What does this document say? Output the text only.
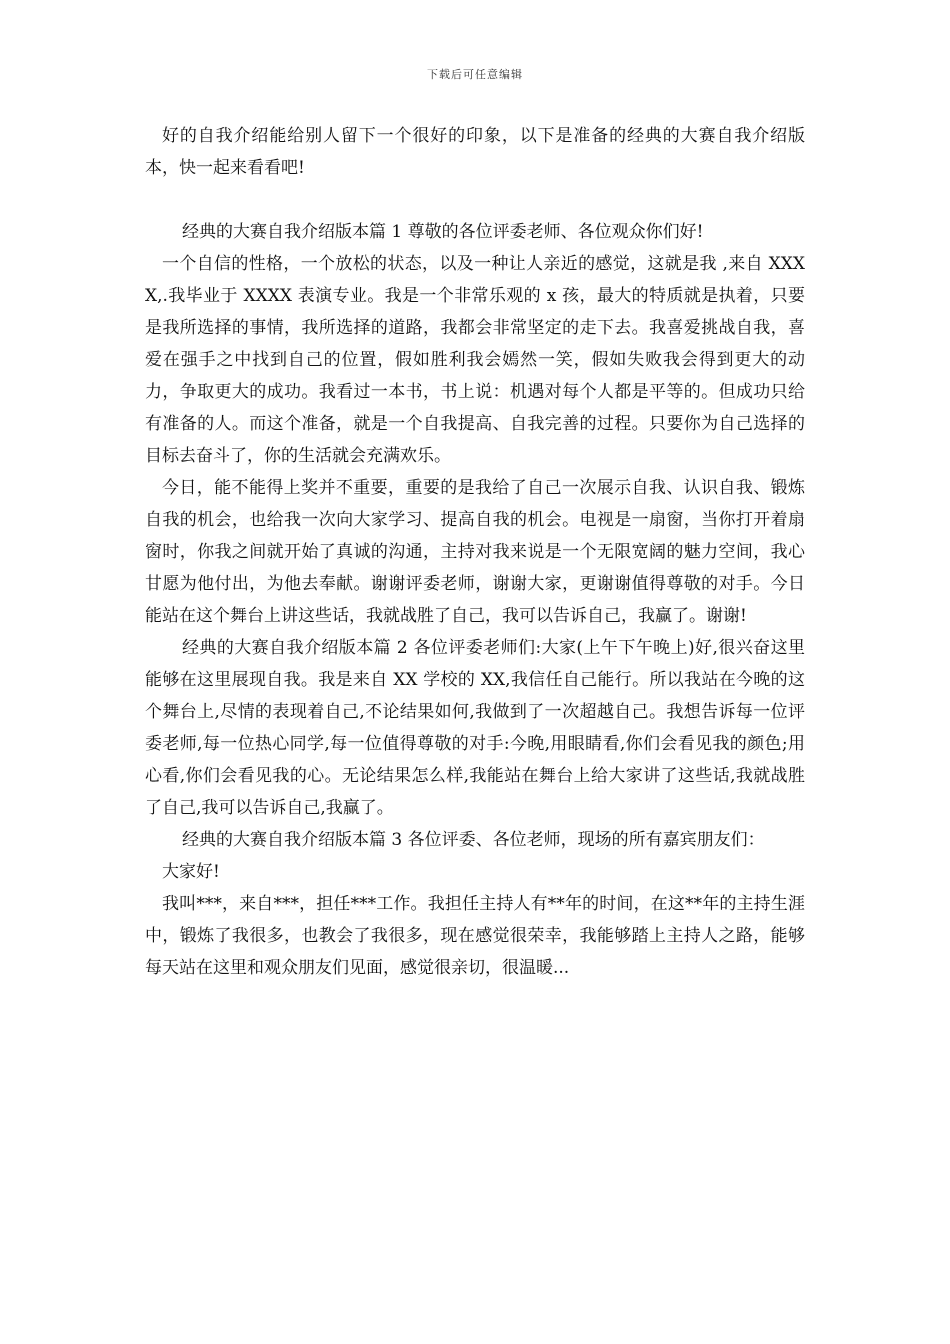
下载后可任意编辑

好的自我介绍能给别人留下一个很好的印象，以下是准备的经典的大赛自我介绍版本，快一起来看看吧!

经典的大赛自我介绍版本篇 1 尊敬的各位评委老师、各位观众你们好!

一个自信的性格，一个放松的状态，以及一种让人亲近的感觉，这就是我 ,来自 XXXX,.我毕业于 XXXX 表演专业。我是一个非常乐观的 x 孩，最大的特质就是执着，只要是我所选择的事情，我所选择的道路，我都会非常坚定的走下去。我喜爱挑战自我，喜爱在强手之中找到自己的位置，假如胜利我会嫣然一笑，假如失败我会得到更大的动力，争取更大的成功。我看过一本书，书上说：机遇对每个人都是平等的。但成功只给有准备的人。而这个准备，就是一个自我提高、自我完善的过程。只要你为自己选择的目标去奋斗了，你的生活就会充满欢乐。

今日，能不能得上奖并不重要，重要的是我给了自己一次展示自我、认识自我、锻炼自我的机会，也给我一次向大家学习、提高自我的机会。电视是一扇窗，当你打开着扇窗时，你我之间就开始了真诚的沟通，主持对我来说是一个无限宽阔的魅力空间，我心甘愿为他付出，为他去奉献。谢谢评委老师，谢谢大家，更谢谢值得尊敬的对手。今日能站在这个舞台上讲这些话，我就战胜了自己，我可以告诉自己，我赢了。谢谢!

经典的大赛自我介绍版本篇 2 各位评委老师们:大家(上午下午晚上)好,很兴奋这里能够在这里展现自我。我是来自 XX 学校的 XX,我信任自己能行。所以我站在今晚的这个舞台上,尽情的表现着自己,不论结果如何,我做到了一次超越自己。我想告诉每一位评委老师,每一位热心同学,每一位值得尊敬的对手:今晚,用眼睛看,你们会看见我的颜色;用心看,你们会看见我的心。无论结果怎么样,我能站在舞台上给大家讲了这些话,我就战胜了自己,我可以告诉自己,我赢了。

经典的大赛自我介绍版本篇 3 各位评委、各位老师，现场的所有嘉宾朋友们：

大家好!

我叫***，来自***，担任***工作。我担任主持人有**年的时间，在这**年的主持生涯中，锻炼了我很多，也教会了我很多，现在感觉很荣幸，我能够踏上主持人之路，能够每天站在这里和观众朋友们见面，感觉很亲切，很温暖...
